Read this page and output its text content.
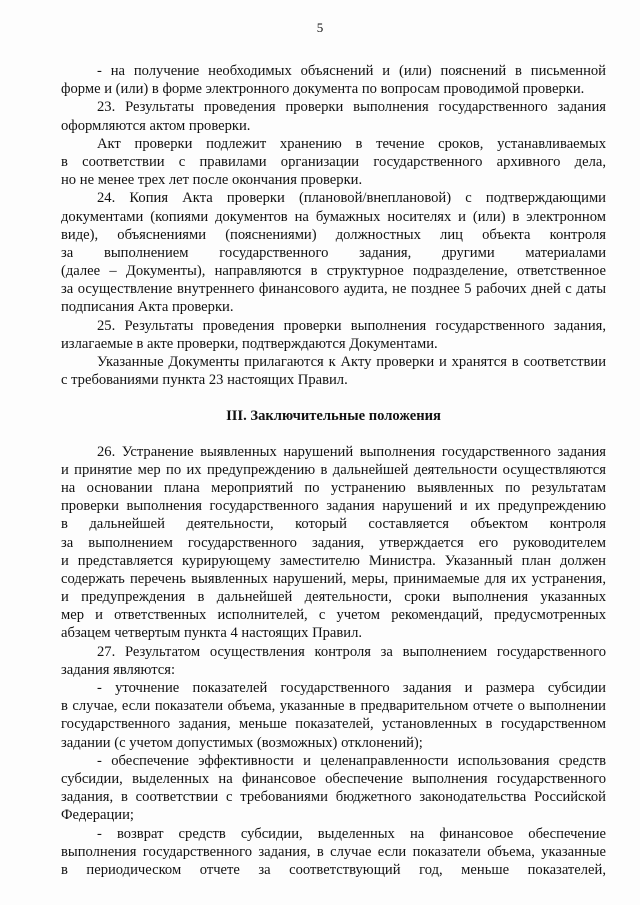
5
- на получение необходимых объяснений и (или) пояснений в письменной
форме и (или) в форме электронного документа по вопросам проводимой проверки.
23. Результаты проведения проверки выполнения государственного задания
оформляются актом проверки.
Акт проверки подлежит хранению в течение сроков, устанавливаемых
в соответствии с правилами организации государственного архивного дела,
но не менее трех лет после окончания проверки.
24. Копия Акта проверки (плановой/внеплановой) с подтверждающими
документами (копиями документов на бумажных носителях и (или) в электронном
виде), объяснениями (пояснениями) должностных лиц объекта контроля
за выполнением государственного задания, другими материалами
(далее – Документы), направляются в структурное подразделение, ответственное
за осуществление внутреннего финансового аудита, не позднее 5 рабочих дней с даты
подписания Акта проверки.
25. Результаты проведения проверки выполнения государственного задания,
излагаемые в акте проверки, подтверждаются Документами.
Указанные Документы прилагаются к Акту проверки и хранятся в соответствии
с требованиями пункта 23 настоящих Правил.
III. Заключительные положения
26. Устранение выявленных нарушений выполнения государственного задания
и принятие мер по их предупреждению в дальнейшей деятельности осуществляются
на основании плана мероприятий по устранению выявленных по результатам
проверки выполнения государственного задания нарушений и их предупреждению
в дальнейшей деятельности, который составляется объектом контроля
за выполнением государственного задания, утверждается его руководителем
и представляется курирующему заместителю Министра. Указанный план должен
содержать перечень выявленных нарушений, меры, принимаемые для их устранения,
и предупреждения в дальнейшей деятельности, сроки выполнения указанных
мер и ответственных исполнителей, с учетом рекомендаций, предусмотренных
абзацем четвертым пункта 4 настоящих Правил.
27. Результатом осуществления контроля за выполнением государственного
задания являются:
- уточнение показателей государственного задания и размера субсидии
в случае, если показатели объема, указанные в предварительном отчете о выполнении
государственного задания, меньше показателей, установленных в государственном
задании (с учетом допустимых (возможных) отклонений);
- обеспечение эффективности и целенаправленности использования средств
субсидии, выделенных на финансовое обеспечение выполнения государственного
задания, в соответствии с требованиями бюджетного законодательства Российской
Федерации;
- возврат средств субсидии, выделенных на финансовое обеспечение
выполнения государственного задания, в случае если показатели объема, указанные
в периодическом отчете за соответствующий год, меньше показателей,
